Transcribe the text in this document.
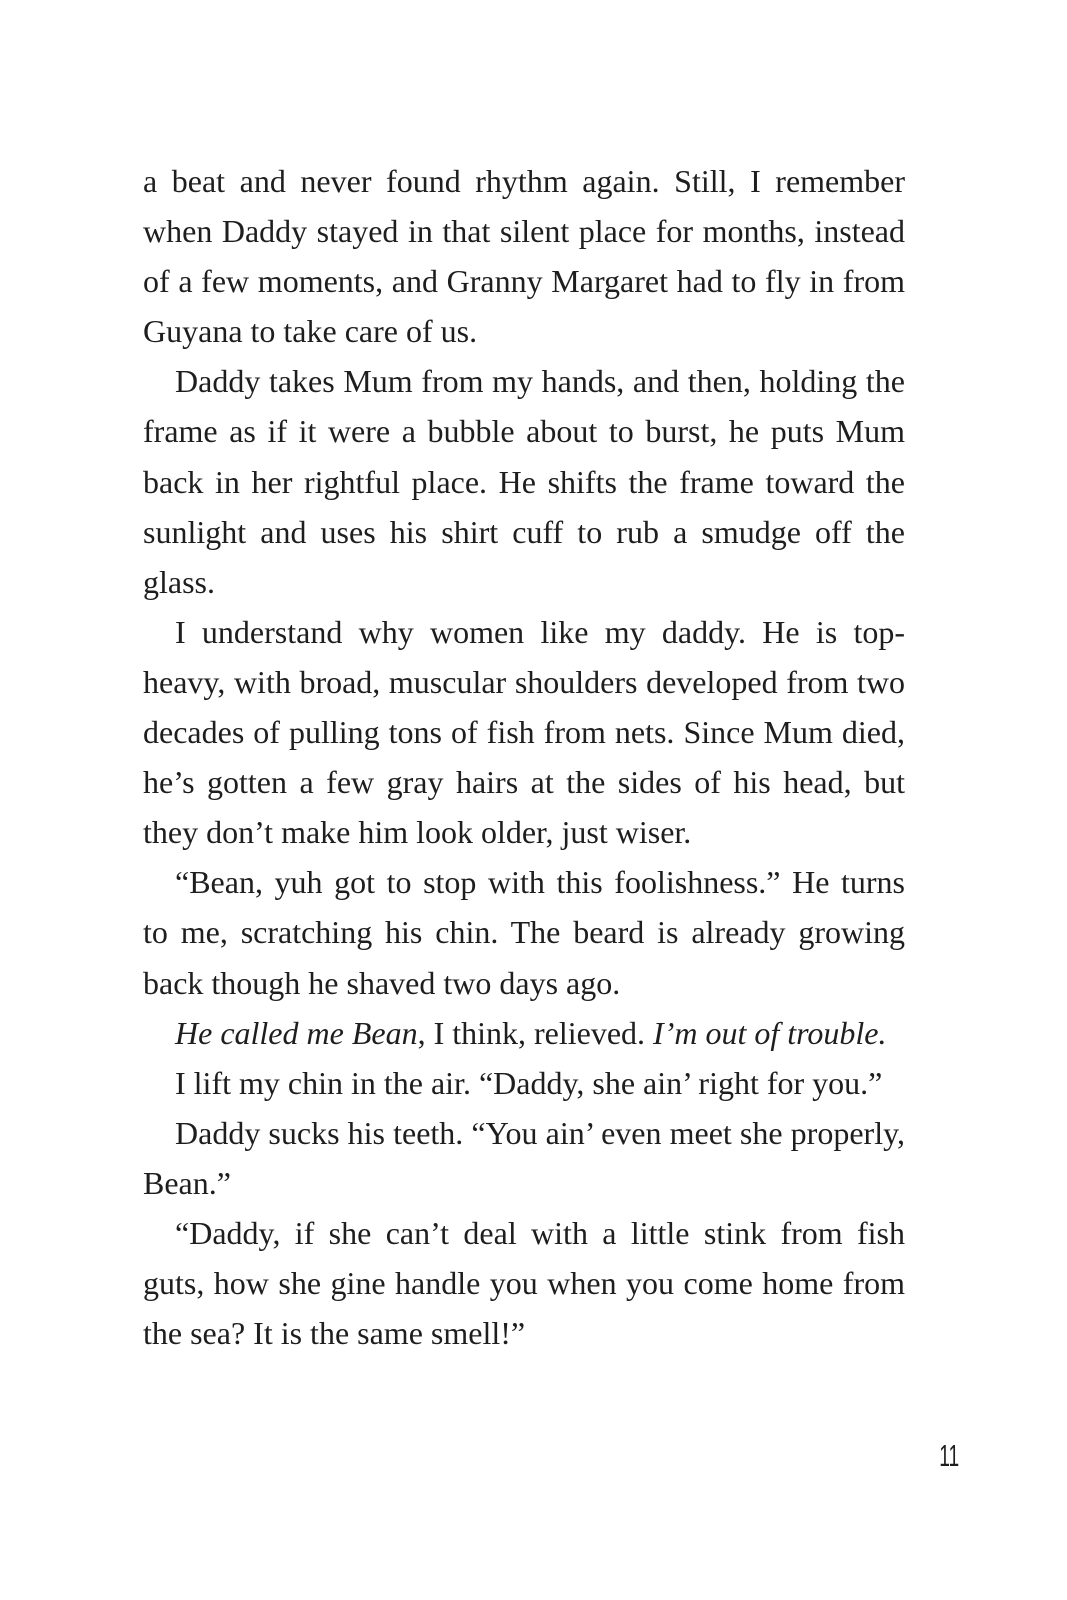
a beat and never found rhythm again. Still, I remember when Daddy stayed in that silent place for months, instead of a few moments, and Granny Margaret had to fly in from Guyana to take care of us.

Daddy takes Mum from my hands, and then, holding the frame as if it were a bubble about to burst, he puts Mum back in her rightful place. He shifts the frame toward the sunlight and uses his shirt cuff to rub a smudge off the glass.

I understand why women like my daddy. He is top-heavy, with broad, muscular shoulders developed from two decades of pulling tons of fish from nets. Since Mum died, he’s gotten a few gray hairs at the sides of his head, but they don’t make him look older, just wiser.

“Bean, yuh got to stop with this foolishness.” He turns to me, scratching his chin. The beard is already growing back though he shaved two days ago.

He called me Bean, I think, relieved. I’m out of trouble.

I lift my chin in the air. “Daddy, she ain’ right for you.”

Daddy sucks his teeth. “You ain’ even meet she properly, Bean.”

“Daddy, if she can’t deal with a little stink from fish guts, how she gine handle you when you come home from the sea? It is the same smell!”

11
